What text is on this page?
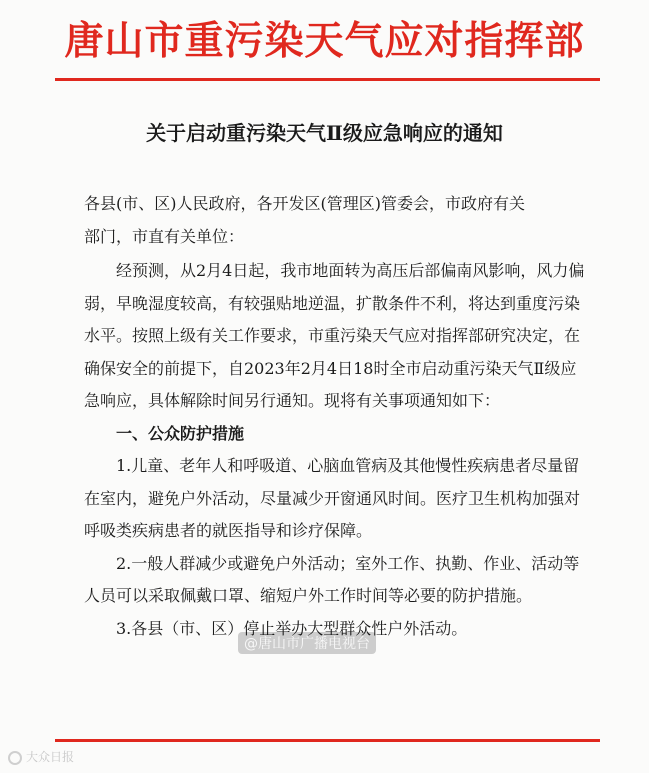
唐山市重污染天气应对指挥部
关于启动重污染天气Ⅱ级应急响应的通知
各县(市、区)人民政府，各开发区(管理区)管委会，市政府有关
部门，市直有关单位：
经预测，从2月4日起，我市地面转为高压后部偏南风影响，风力偏弱，早晚湿度较高，有较强贴地逆温，扩散条件不利，将达到重度污染水平。按照上级有关工作要求，市重污染天气应对指挥部研究决定，在确保安全的前提下，自2023年2月4日18时全市启动重污染天气Ⅱ级应急响应，具体解除时间另行通知。现将有关事项通知如下：
一、公众防护措施
1.儿童、老年人和呼吸道、心脑血管病及其他慢性疾病患者尽量留在室内，避免户外活动，尽量减少开窗通风时间。医疗卫生机构加强对呼吸类疾病患者的就医指导和诊疗保障。
2.一般人群减少或避免户外活动；室外工作、执勤、作业、活动等人员可以采取佩戴口罩、缩短户外工作时间等必要的防护措施。
3.各县（市、区）停止举办大型群众性户外活动。
@唐山市广播电视台
大众日报
